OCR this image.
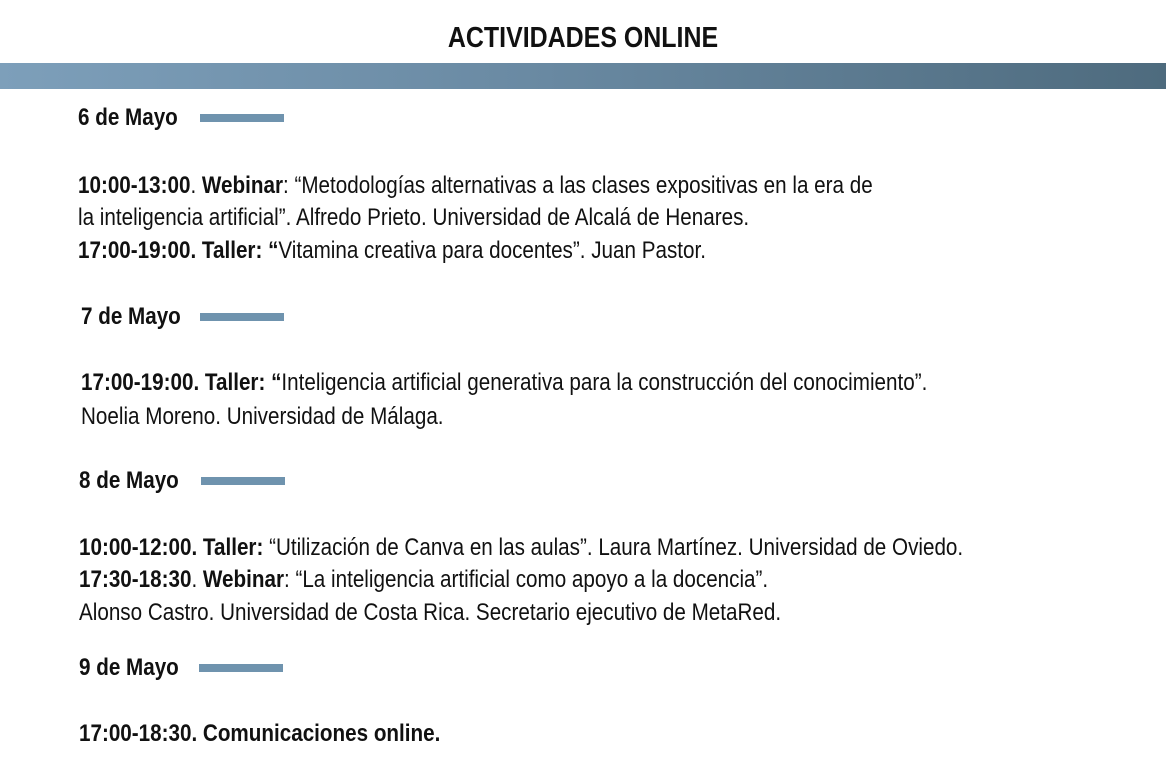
ACTIVIDADES ONLINE
6 de Mayo
10:00-13:00. Webinar: “Metodologías alternativas a las clases expositivas en la era de
la inteligencia artificial”. Alfredo Prieto. Universidad de Alcalá de Henares.
17:00-19:00. Taller: “Vitamina creativa para docentes”. Juan Pastor.
7 de Mayo
17:00-19:00. Taller: “Inteligencia artificial generativa para la construcción del conocimiento”.
Noelia Moreno. Universidad de Málaga.
8 de Mayo
10:00-12:00. Taller: “Utilización de Canva en las aulas”. Laura Martínez. Universidad de Oviedo.
17:30-18:30. Webinar: “La inteligencia artificial como apoyo a la docencia”.
Alonso Castro. Universidad de Costa Rica. Secretario ejecutivo de MetaRed.
9 de Mayo
17:00-18:30. Comunicaciones online.
